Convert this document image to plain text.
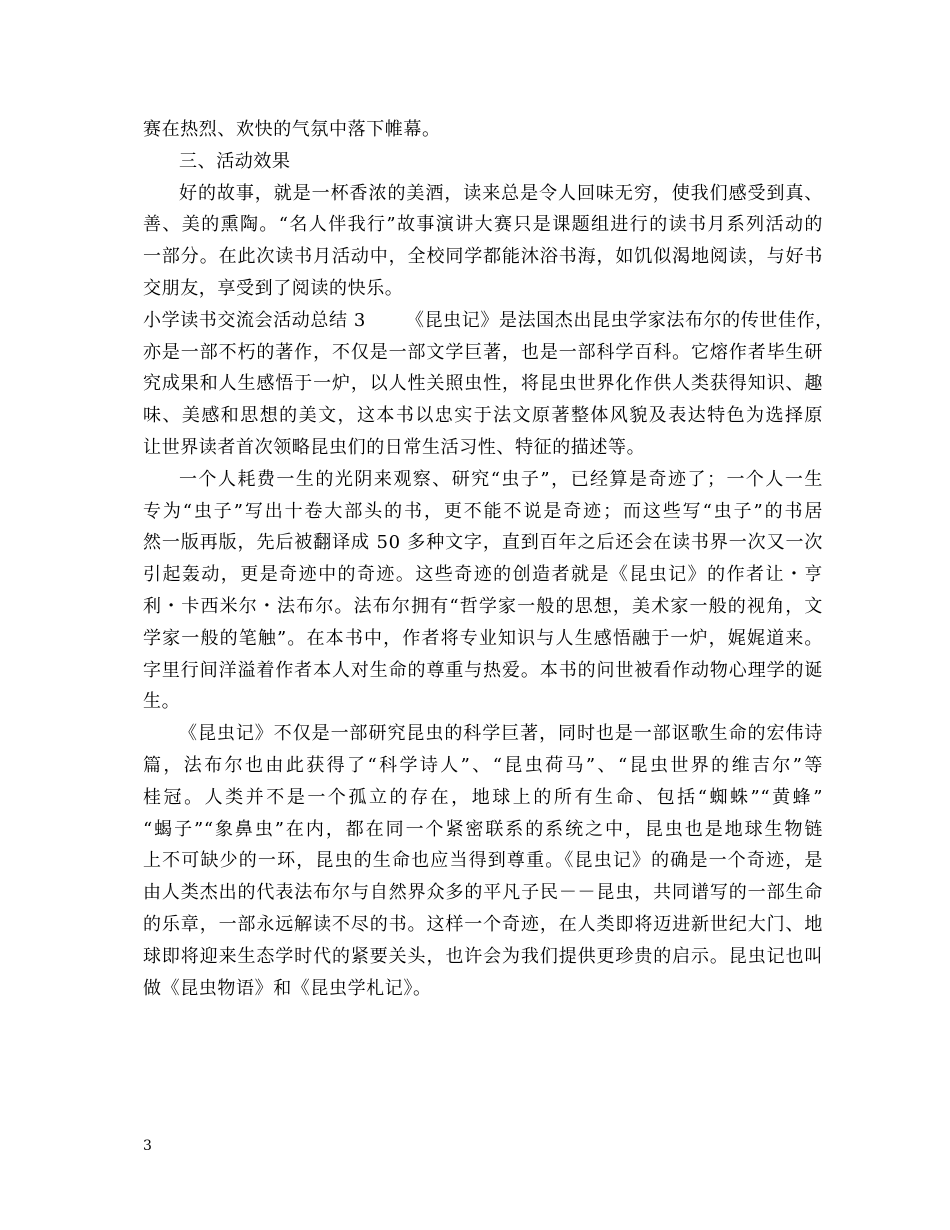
赛在热烈、欢快的气氛中落下帷幕。
三、活动效果
好的故事，就是一杯香浓的美酒，读来总是令人回味无穷，使我们感受到真、
善、美的熏陶。“名人伴我行”故事演讲大赛只是课题组进行的读书月系列活动的
一部分。在此次读书月活动中，全校同学都能沐浴书海，如饥似渴地阅读，与好书
交朋友，享受到了阅读的快乐。
小学读书交流会活动总结 3 《昆虫记》是法国杰出昆虫学家法布尔的传世佳作，
亦是一部不朽的著作，不仅是一部文学巨著，也是一部科学百科。它熔作者毕生研
究成果和人生感悟于一炉，以人性关照虫性，将昆虫世界化作供人类获得知识、趣
味、美感和思想的美文，这本书以忠实于法文原著整体风貌及表达特色为选择原
让世界读者首次领略昆虫们的日常生活习性、特征的描述等。
一个人耗费一生的光阴来观察、研究“虫子”，已经算是奇迹了；一个人一生
专为“虫子”写出十卷大部头的书，更不能不说是奇迹；而这些写“虫子”的书居
然一版再版，先后被翻译成 50 多种文字，直到百年之后还会在读书界一次又一次
引起轰动，更是奇迹中的奇迹。这些奇迹的创造者就是《昆虫记》的作者让・亨
利・卡西米尔・法布尔。法布尔拥有“哲学家一般的思想，美术家一般的视角，文
学家一般的笔触”。在本书中，作者将专业知识与人生感悟融于一炉，娓娓道来。
字里行间洋溢着作者本人对生命的尊重与热爱。本书的问世被看作动物心理学的诞
生。
《昆虫记》不仅是一部研究昆虫的科学巨著，同时也是一部讴歌生命的宏伟诗
篇，法布尔也由此获得了“科学诗人”、“昆虫荷马”、“昆虫世界的维吉尔”等
桂冠。人类并不是一个孤立的存在，地球上的所有生命、包括“蜘蛛”“黄蜂”
“蝎子”“象鼻虫”在内，都在同一个紧密联系的系统之中，昆虫也是地球生物链
上不可缺少的一环，昆虫的生命也应当得到尊重。《昆虫记》的确是一个奇迹，是
由人类杰出的代表法布尔与自然界众多的平凡子民－－昆虫，共同谱写的一部生命
的乐章，一部永远解读不尽的书。这样一个奇迹，在人类即将迈进新世纪大门、地
球即将迎来生态学时代的紧要关头，也许会为我们提供更珍贵的启示。昆虫记也叫
做《昆虫物语》和《昆虫学札记》。
3
